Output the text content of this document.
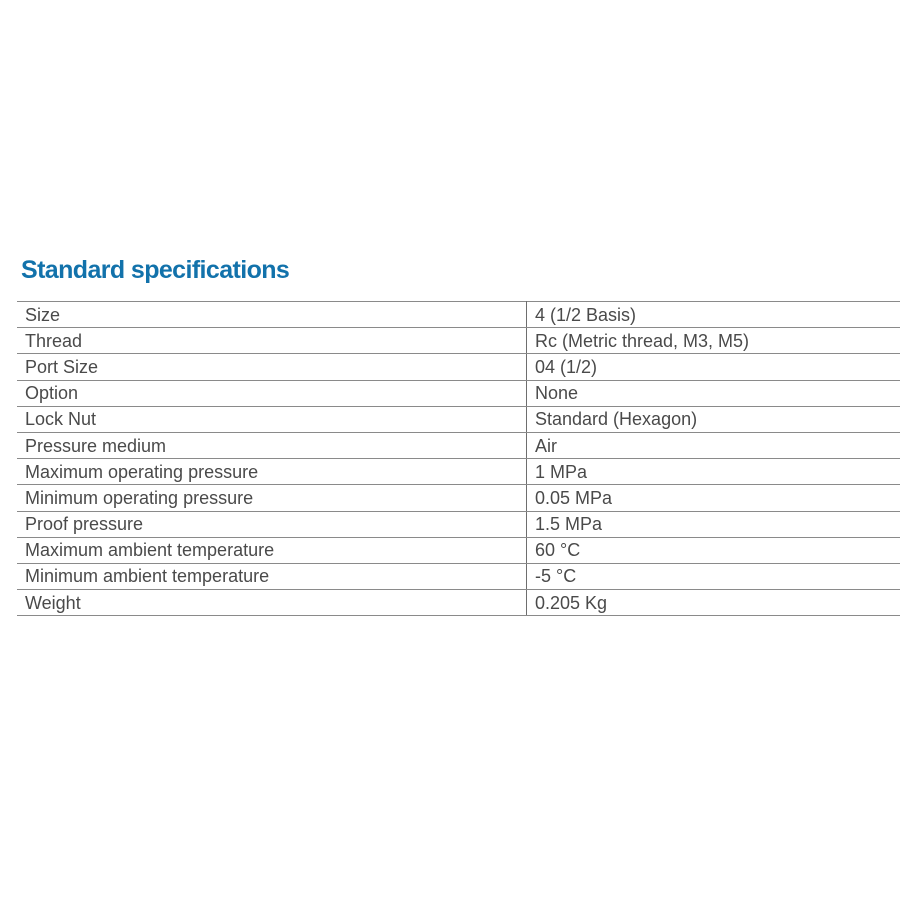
Standard specifications
Size	4 (1/2 Basis)
Thread	Rc (Metric thread, M3, M5)
Port Size	04 (1/2)
Option	None
Lock Nut	Standard (Hexagon)
Pressure medium	Air
Maximum operating pressure	1 MPa
Minimum operating pressure	0.05 MPa
Proof pressure	1.5 MPa
Maximum ambient temperature	60 °C
Minimum ambient temperature	-5 °C
Weight	0.205 Kg
